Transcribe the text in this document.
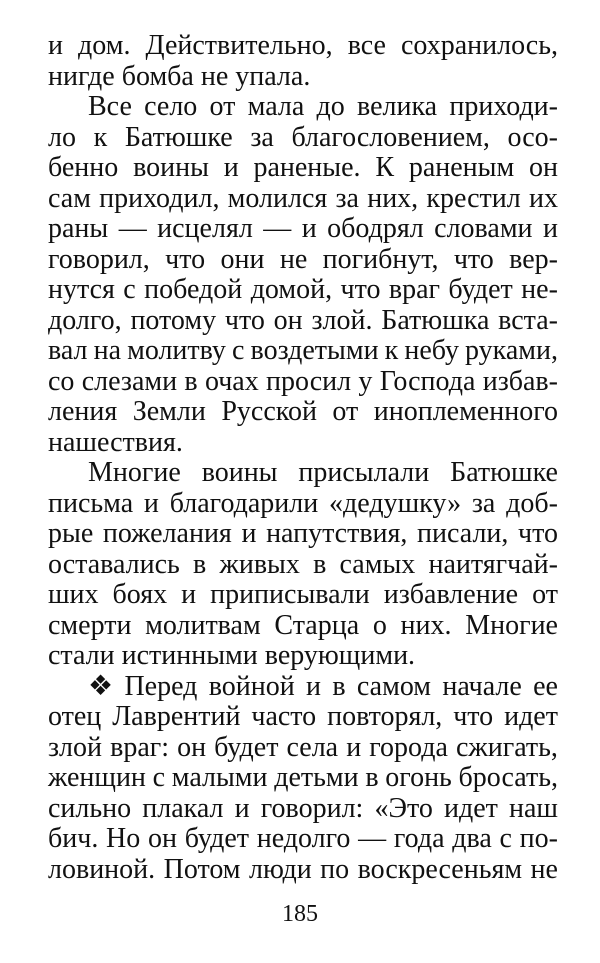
и дом. Действительно, все сохранилось,
нигде бомба не упала.
Все село от мала до велика приходи-
ло к Батюшке за благословением, осо-
бенно воины и раненые. К раненым он
сам приходил, молился за них, крестил их
раны — исцелял — и ободрял словами и
говорил, что они не погибнут, что вер-
нутся с победой домой, что враг будет не-
долго, потому что он злой. Батюшка вста-
вал на молитву с воздетыми к небу руками,
со слезами в очах просил у Господа избав-
ления Земли Русской от иноплеменного
нашествия.
Многие воины присылали Батюшке
письма и благодарили «дедушку» за доб-
рые пожелания и напутствия, писали, что
оставались в живых в самых наитягчай-
ших боях и приписывали избавление от
смерти молитвам Старца о них. Многие
стали истинными верующими.
❖ Перед войной и в самом начале ее
отец Лаврентий часто повторял, что идет
злой враг: он будет села и города сжигать,
женщин с малыми детьми в огонь бросать,
сильно плакал и говорил: «Это идет наш
бич. Но он будет недолго — года два с по-
ловиной. Потом люди по воскресеньям не
185
